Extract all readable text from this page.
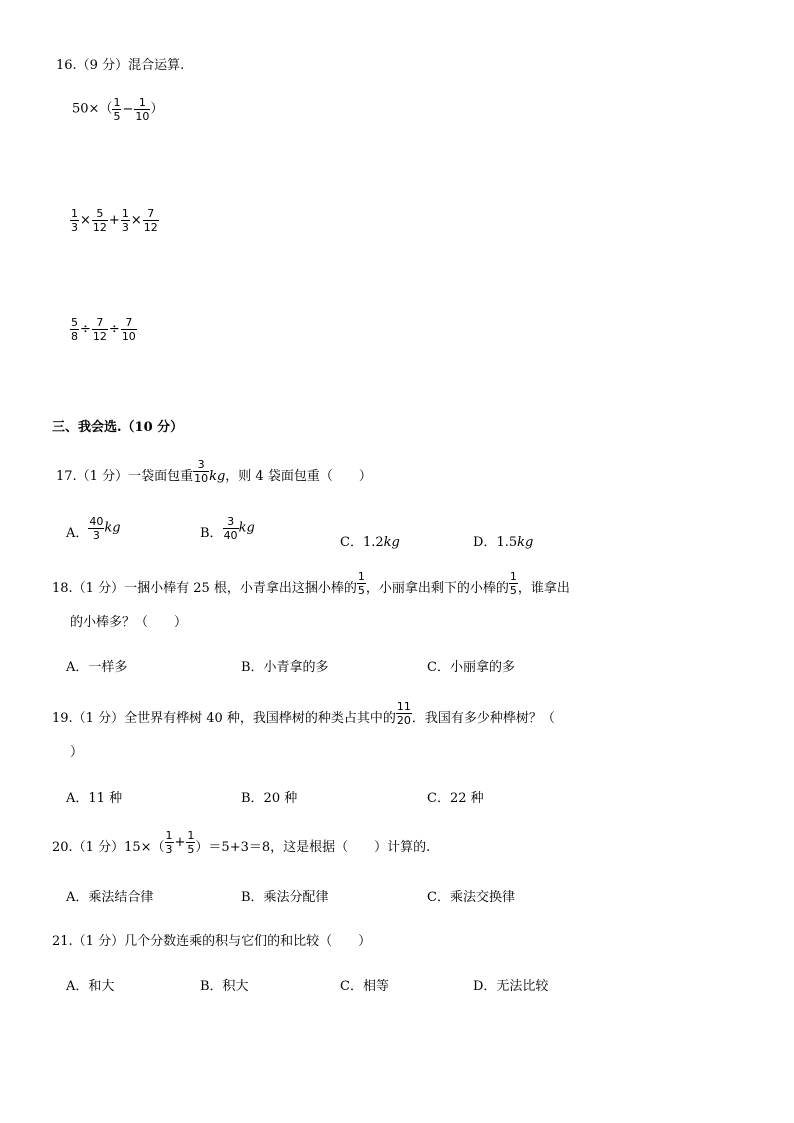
16.（9 分）混合运算.
$50\times( \frac{1}{5} - \frac{1}{10}$ ）
$\frac{1}{3} \times \frac{5}{12} + \frac{1}{3} \times \frac{7}{12}$
$\frac{5}{8} \div \frac{7}{12} \div \frac{7}{10}$
三、我会选.（10 分）
17.（1 分）一袋面包重 $\frac{3}{10}$ kg，则 4 袋面包重（　　）
A． $\frac{40}{3}$ kg	B． $\frac{3}{40}$ kg
C．1.2kg	D．1.5kg
18.（1 分）一捆小棒有 25 根，小青拿出这捆小棒的 $\frac{1}{5}$ ，小丽拿出剩下的小棒的 $\frac{1}{5}$ ，谁拿出
的小棒多？（　　）
A．一样多	B．小青拿的多	C．小丽拿的多
19.（1 分）全世界有桦树 40 种，我国桦树的种类占其中的 $\frac{11}{20}$ ．我国有多少种桦树？（
）
A．11 种	B．20 种	C．22 种
20.（1 分）$15\times( \frac{1}{3} + \frac{1}{5} )=5+3=8$，这是根据（　　）计算的.
A．乘法结合律	B．乘法分配律	C．乘法交换律
21.（1 分）几个分数连乘的积与它们的和比较（　　）
A．和大	B．积大	C．相等	D．无法比较
